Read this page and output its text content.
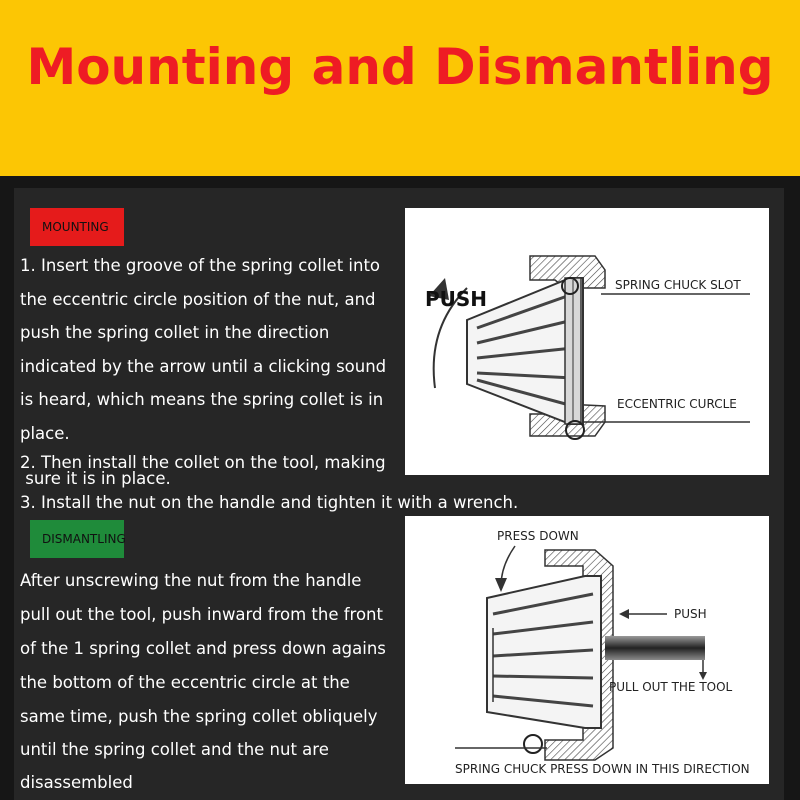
Mounting and Dismantling
MOUNTING
1. Insert the groove of the spring collet into
the eccentric circle position of the nut, and
push the spring collet in the direction
indicated by the arrow until a clicking sound
is heard, which means the spring collet is in
place.
2. Then install the collet on the tool, making
sure it is in place.
3. Install the nut on the handle and tighten it with a wrench.
DISMANTLING
After unscrewing the nut from the handle
pull out the tool, push inward from the front
of the 1 spring collet and press down agains
the bottom of the eccentric circle at the
same time, push the spring collet obliquely
until the spring collet and the nut are
disassembled
PUSH
SPRING CHUCK SLOT
ECCENTRIC CURCLE
PRESS DOWN
PUSH
PULL OUT THE TOOL
SPRING CHUCK PRESS DOWN IN THIS DIRECTION
